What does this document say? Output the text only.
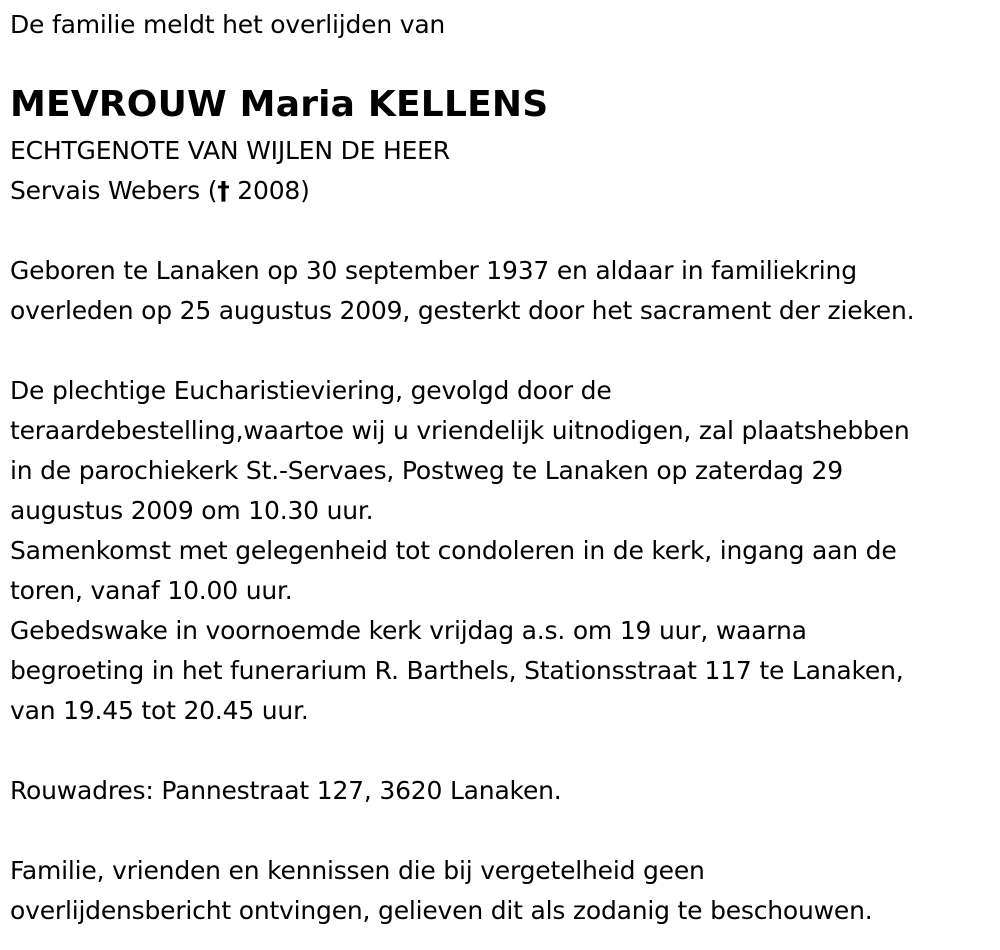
De familie meldt het overlijden van
MEVROUW Maria KELLENS
ECHTGENOTE VAN WIJLEN DE HEER
Servais Webers († 2008)
Geboren te Lanaken op 30 september 1937 en aldaar in familiekring
overleden op 25 augustus 2009, gesterkt door het sacrament der zieken.
De plechtige Eucharistieviering, gevolgd door de
teraardebestelling,waartoe wij u vriendelijk uitnodigen, zal plaatshebben
in de parochiekerk St.-Servaes, Postweg te Lanaken op zaterdag 29
augustus 2009 om 10.30 uur.
Samenkomst met gelegenheid tot condoleren in de kerk, ingang aan de
toren, vanaf 10.00 uur.
Gebedswake in voornoemde kerk vrijdag a.s. om 19 uur, waarna
begroeting in het funerarium R. Barthels, Stationsstraat 117 te Lanaken,
van 19.45 tot 20.45 uur.
Rouwadres: Pannestraat 127, 3620 Lanaken.
Familie, vrienden en kennissen die bij vergetelheid geen
overlijdensbericht ontvingen, gelieven dit als zodanig te beschouwen.
